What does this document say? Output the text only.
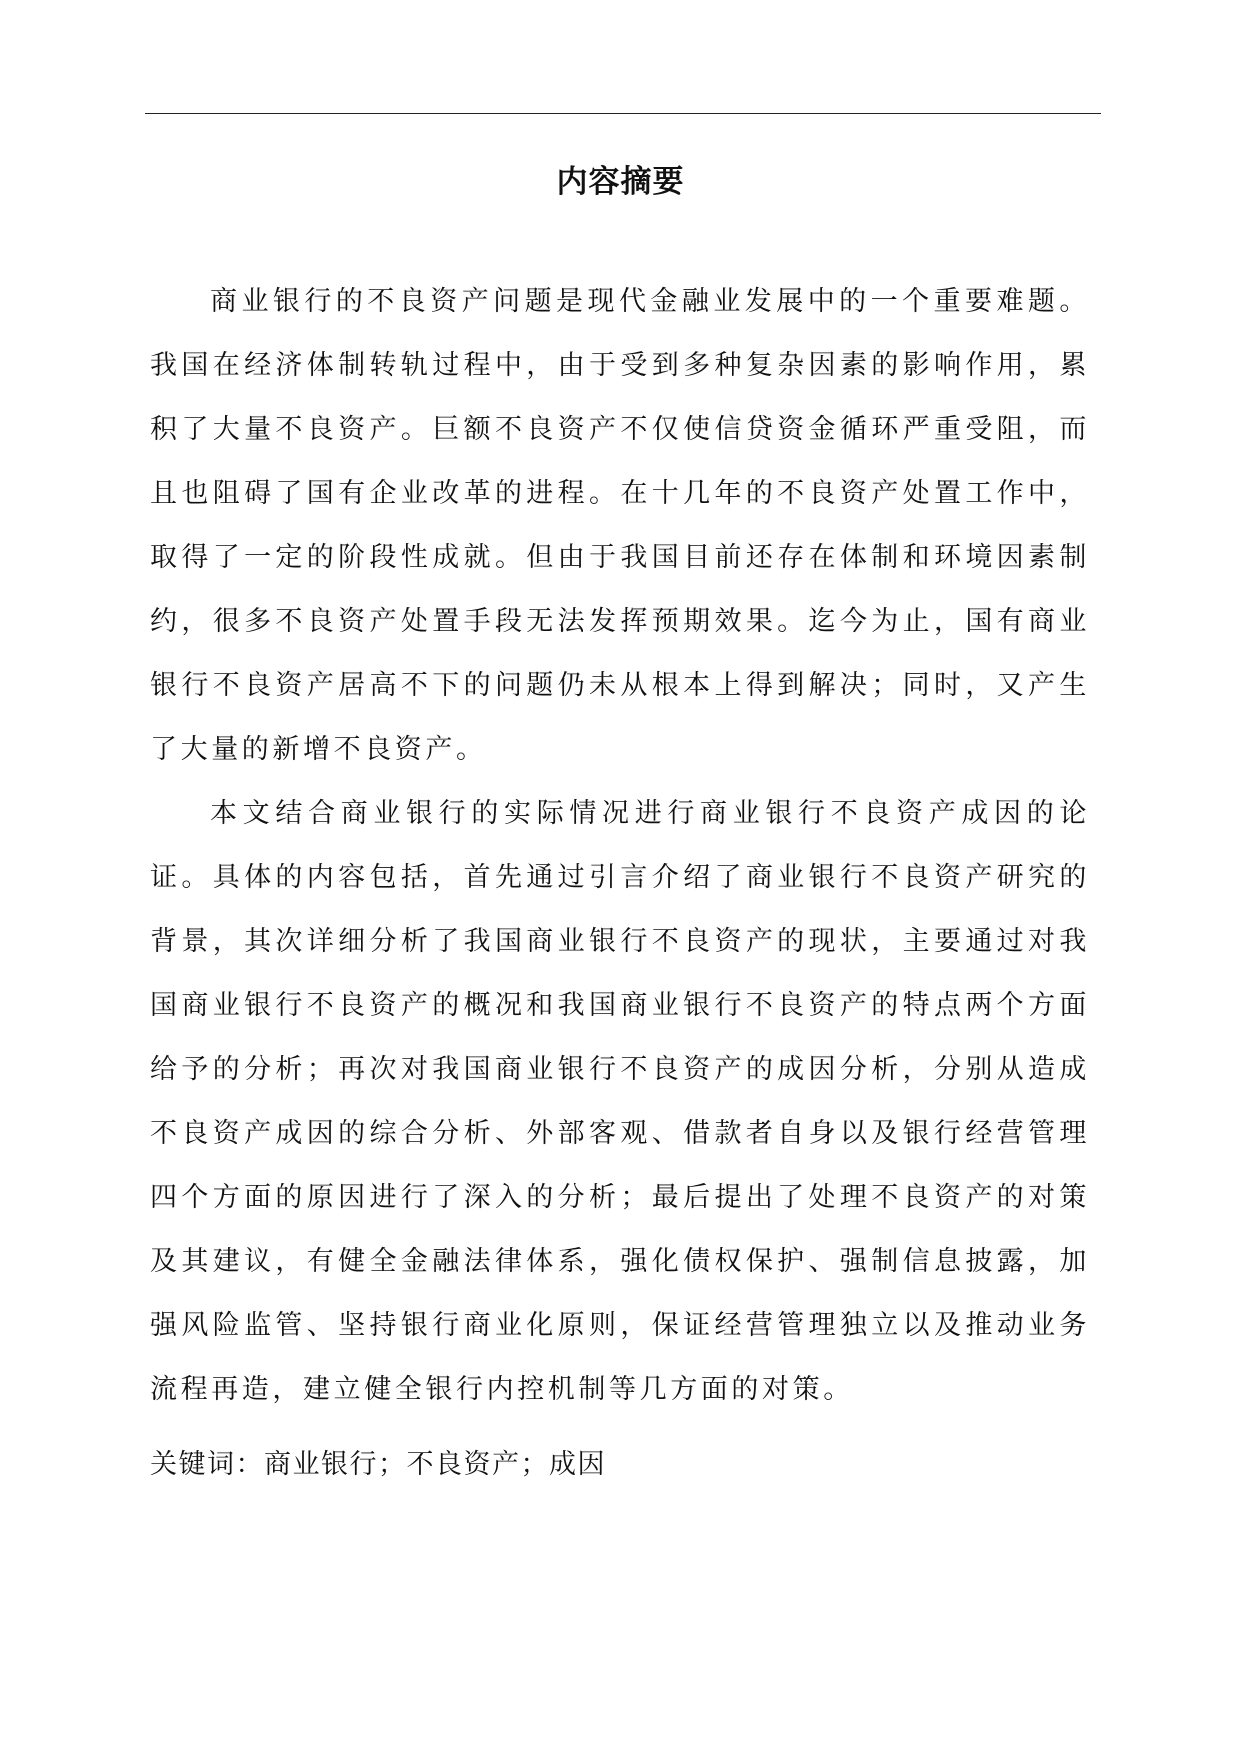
内容摘要

商业银行的不良资产问题是现代金融业发展中的一个重要难题。我国在经济体制转轨过程中，由于受到多种复杂因素的影响作用，累积了大量不良资产。巨额不良资产不仅使信贷资金循环严重受阻，而且也阻碍了国有企业改革的进程。在十几年的不良资产处置工作中，取得了一定的阶段性成就。但由于我国目前还存在体制和环境因素制约，很多不良资产处置手段无法发挥预期效果。迄今为止，国有商业银行不良资产居高不下的问题仍未从根本上得到解决；同时，又产生了大量的新增不良资产。

本文结合商业银行的实际情况进行商业银行不良资产成因的论证。具体的内容包括，首先通过引言介绍了商业银行不良资产研究的背景，其次详细分析了我国商业银行不良资产的现状，主要通过对我国商业银行不良资产的概况和我国商业银行不良资产的特点两个方面给予的分析；再次对我国商业银行不良资产的成因分析，分别从造成不良资产成因的综合分析、外部客观、借款者自身以及银行经营管理四个方面的原因进行了深入的分析；最后提出了处理不良资产的对策及其建议，有健全金融法律体系，强化债权保护、强制信息披露，加强风险监管、坚持银行商业化原则，保证经营管理独立以及推动业务流程再造，建立健全银行内控机制等几方面的对策。

关键词：商业银行；不良资产；成因
